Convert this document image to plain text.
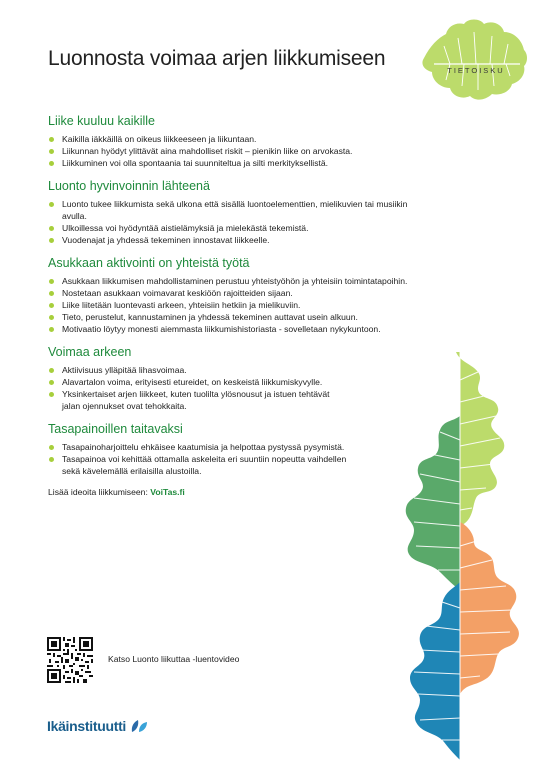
Luonnosta voimaa arjen liikkumiseen
TIETOISKU
Liike kuuluu kaikille
Kaikilla iäkkäillä on oikeus liikkeeseen ja liikuntaan.
Liikunnan hyödyt ylittävät aina mahdolliset riskit – pienikin liike on arvokasta.
Liikkuminen voi olla spontaania tai suunniteltua ja silti merkityksellistä.
Luonto hyvinvoinnin lähteenä
Luonto tukee liikkumista sekä ulkona että sisällä luontoelementtien, mielikuvien tai musiikin avulla.
Ulkoillessa voi hyödyntää aistielämyksiä ja mielekästä tekemistä.
Vuodenajat ja yhdessä tekeminen innostavat liikkeelle.
Asukkaan aktivointi on yhteistä työtä
Asukkaan liikkumisen mahdollistaminen perustuu yhteistyöhön ja yhteisiin toimintatapoihin.
Nostetaan asukkaan voimavarat keskiöön rajoitteiden sijaan.
Liike liitetään luontevasti arkeen, yhteisiin hetkiin ja mielikuviin.
Tieto, perustelut, kannustaminen ja yhdessä tekeminen auttavat usein alkuun.
Motivaatio löytyy monesti aiemmasta liikkumishistoriasta - sovelletaan nykykuntoon.
Voimaa arkeen
Aktiivisuus ylläpitää lihasvoimaa.
Alavartalon voima, erityisesti etureidet, on keskeistä liikkumiskyvylle.
Yksinkertaiset arjen liikkeet, kuten tuolilta ylösnousut ja istuen tehtävät jalan ojennukset ovat tehokkaita.
Tasapainoillen taitavaksi
Tasapainoharjoittelu ehkäisee kaatumisia ja helpottaa pystyssä pysymistä.
Tasapainoa voi kehittää ottamalla askeleita eri suuntiin nopeutta vaihdellen sekä kävelemällä erilaisilla alustoilla.
Lisää ideoita liikkumiseen: VoiTas.fi
Katso Luonto liikuttaa -luentovideo
Ikäinstituutti
